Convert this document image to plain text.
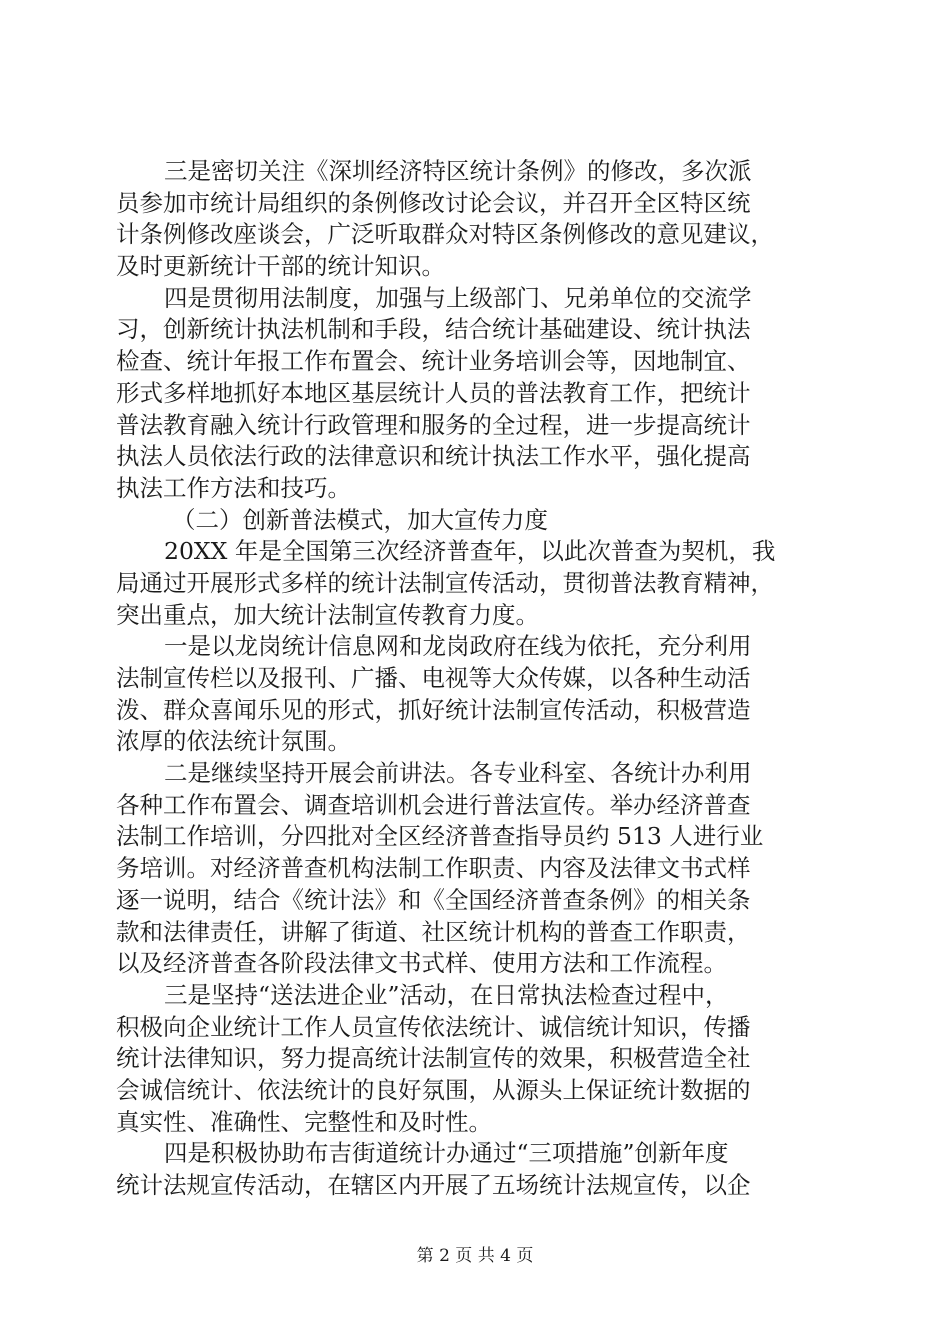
三是密切关注《深圳经济特区统计条例》的修改，多次派
员参加市统计局组织的条例修改讨论会议，并召开全区特区统
计条例修改座谈会，广泛听取群众对特区条例修改的意见建议，
及时更新统计干部的统计知识。
四是贯彻用法制度，加强与上级部门、兄弟单位的交流学
习，创新统计执法机制和手段，结合统计基础建设、统计执法
检查、统计年报工作布置会、统计业务培训会等，因地制宜、
形式多样地抓好本地区基层统计人员的普法教育工作，把统计
普法教育融入统计行政管理和服务的全过程，进一步提高统计
执法人员依法行政的法律意识和统计执法工作水平，强化提高
执法工作方法和技巧。
（二）创新普法模式，加大宣传力度
20XX 年是全国第三次经济普查年，以此次普查为契机，我
局通过开展形式多样的统计法制宣传活动，贯彻普法教育精神，
突出重点，加大统计法制宣传教育力度。
一是以龙岗统计信息网和龙岗政府在线为依托，充分利用
法制宣传栏以及报刊、广播、电视等大众传媒，以各种生动活
泼、群众喜闻乐见的形式，抓好统计法制宣传活动，积极营造
浓厚的依法统计氛围。
二是继续坚持开展会前讲法。各专业科室、各统计办利用
各种工作布置会、调查培训机会进行普法宣传。举办经济普查
法制工作培训，分四批对全区经济普查指导员约 513 人进行业
务培训。对经济普查机构法制工作职责、内容及法律文书式样
逐一说明，结合《统计法》和《全国经济普查条例》的相关条
款和法律责任，讲解了街道、社区统计机构的普查工作职责，
以及经济普查各阶段法律文书式样、使用方法和工作流程。
三是坚持“送法进企业”活动，在日常执法检查过程中，
积极向企业统计工作人员宣传依法统计、诚信统计知识，传播
统计法律知识，努力提高统计法制宣传的效果，积极营造全社
会诚信统计、依法统计的良好氛围，从源头上保证统计数据的
真实性、准确性、完整性和及时性。
四是积极协助布吉街道统计办通过“三项措施”创新年度
统计法规宣传活动，在辖区内开展了五场统计法规宣传，以企
第 2 页 共 4 页
